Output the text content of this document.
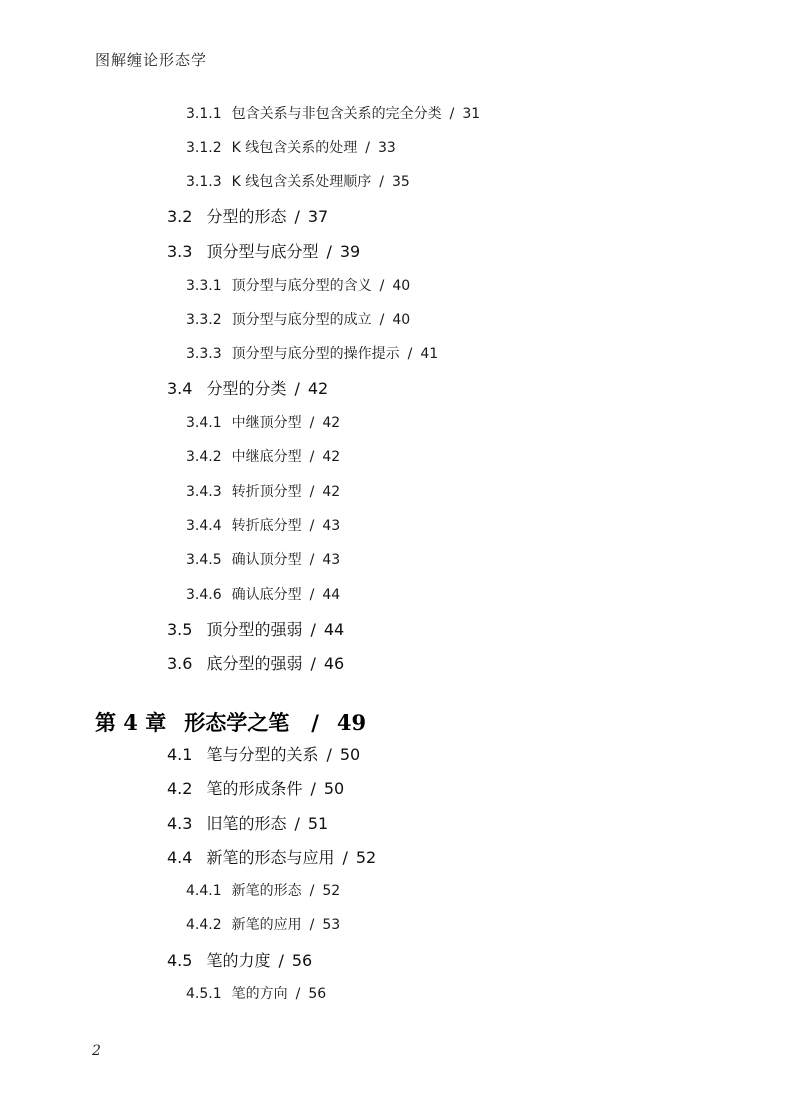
图解缠论形态学
3.1.1 包含关系与非包含关系的完全分类 / 31
3.1.2 K 线包含关系的处理 / 33
3.1.3 K 线包含关系处理顺序 / 35
3.2 分型的形态 / 37
3.3 顶分型与底分型 / 39
3.3.1 顶分型与底分型的含义 / 40
3.3.2 顶分型与底分型的成立 / 40
3.3.3 顶分型与底分型的操作提示 / 41
3.4 分型的分类 / 42
3.4.1 中继顶分型 / 42
3.4.2 中继底分型 / 42
3.4.3 转折顶分型 / 42
3.4.4 转折底分型 / 43
3.4.5 确认顶分型 / 43
3.4.6 确认底分型 / 44
3.5 顶分型的强弱 / 44
3.6 底分型的强弱 / 46
第 4 章 形态学之笔 / 49
4.1 笔与分型的关系 / 50
4.2 笔的形成条件 / 50
4.3 旧笔的形态 / 51
4.4 新笔的形态与应用 / 52
4.4.1 新笔的形态 / 52
4.4.2 新笔的应用 / 53
4.5 笔的力度 / 56
4.5.1 笔的方向 / 56
2
